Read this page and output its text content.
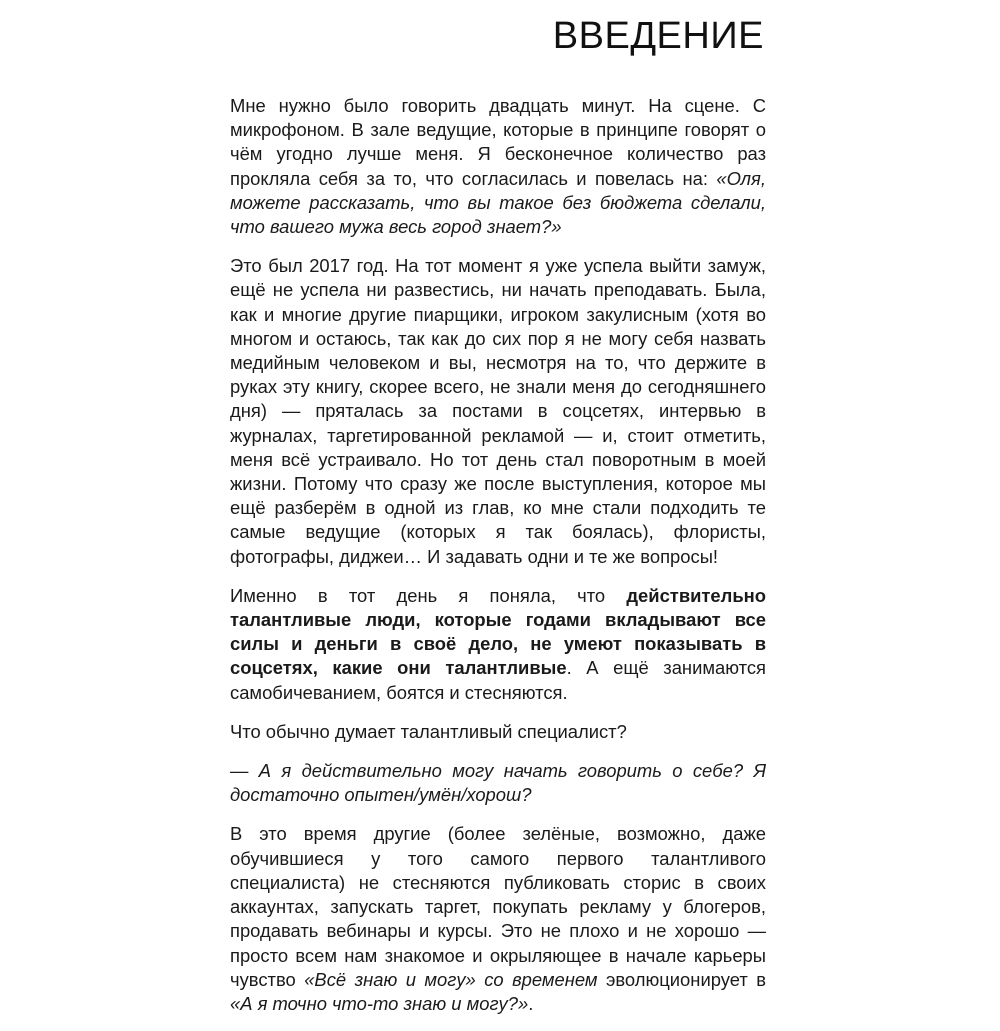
ВВЕДЕНИЕ

Мне нужно было говорить двадцать минут. На сцене. С микрофоном. В зале ведущие, которые в принципе говорят о чём угодно лучше меня. Я бесконечное количество раз прокляла себя за то, что согласилась и повелась на: «Оля, можете рассказать, что вы такое без бюджета сделали, что вашего мужа весь город знает?»

Это был 2017 год. На тот момент я уже успела выйти замуж, ещё не успела ни развестись, ни начать преподавать. Была, как и многие другие пиарщики, игроком закулисным (хотя во многом и остаюсь, так как до сих пор я не могу себя назвать медийным человеком и вы, несмотря на то, что держите в руках эту книгу, скорее всего, не знали меня до сегодняшнего дня) — пряталась за постами в соцсетях, интервью в журналах, таргетированной рекламой — и, стоит отметить, меня всё устраивало. Но тот день стал поворотным в моей жизни. Потому что сразу же после выступления, которое мы ещё разберём в одной из глав, ко мне стали подходить те самые ведущие (которых я так боялась), флористы, фотографы, диджеи… И задавать одни и те же вопросы!

Именно в тот день я поняла, что действительно талантливые люди, которые годами вкладывают все силы и деньги в своё дело, не умеют показывать в соцсетях, какие они талантливые. А ещё занимаются самобичеванием, боятся и стесняются.

Что обычно думает талантливый специалист?

— А я действительно могу начать говорить о себе? Я достаточно опытен/умён/хорош?

В это время другие (более зелёные, возможно, даже обучившиеся у того самого первого талантливого специалиста) не стесняются публиковать сторис в своих аккаунтах, запускать таргет, покупать рекламу у блогеров, продавать вебинары и курсы. Это не плохо и не хорошо — просто всем нам знакомое и окрыляющее в начале карьеры чувство «Всё знаю и могу» со временем эволюционирует в «А я точно что-то знаю и могу?».
